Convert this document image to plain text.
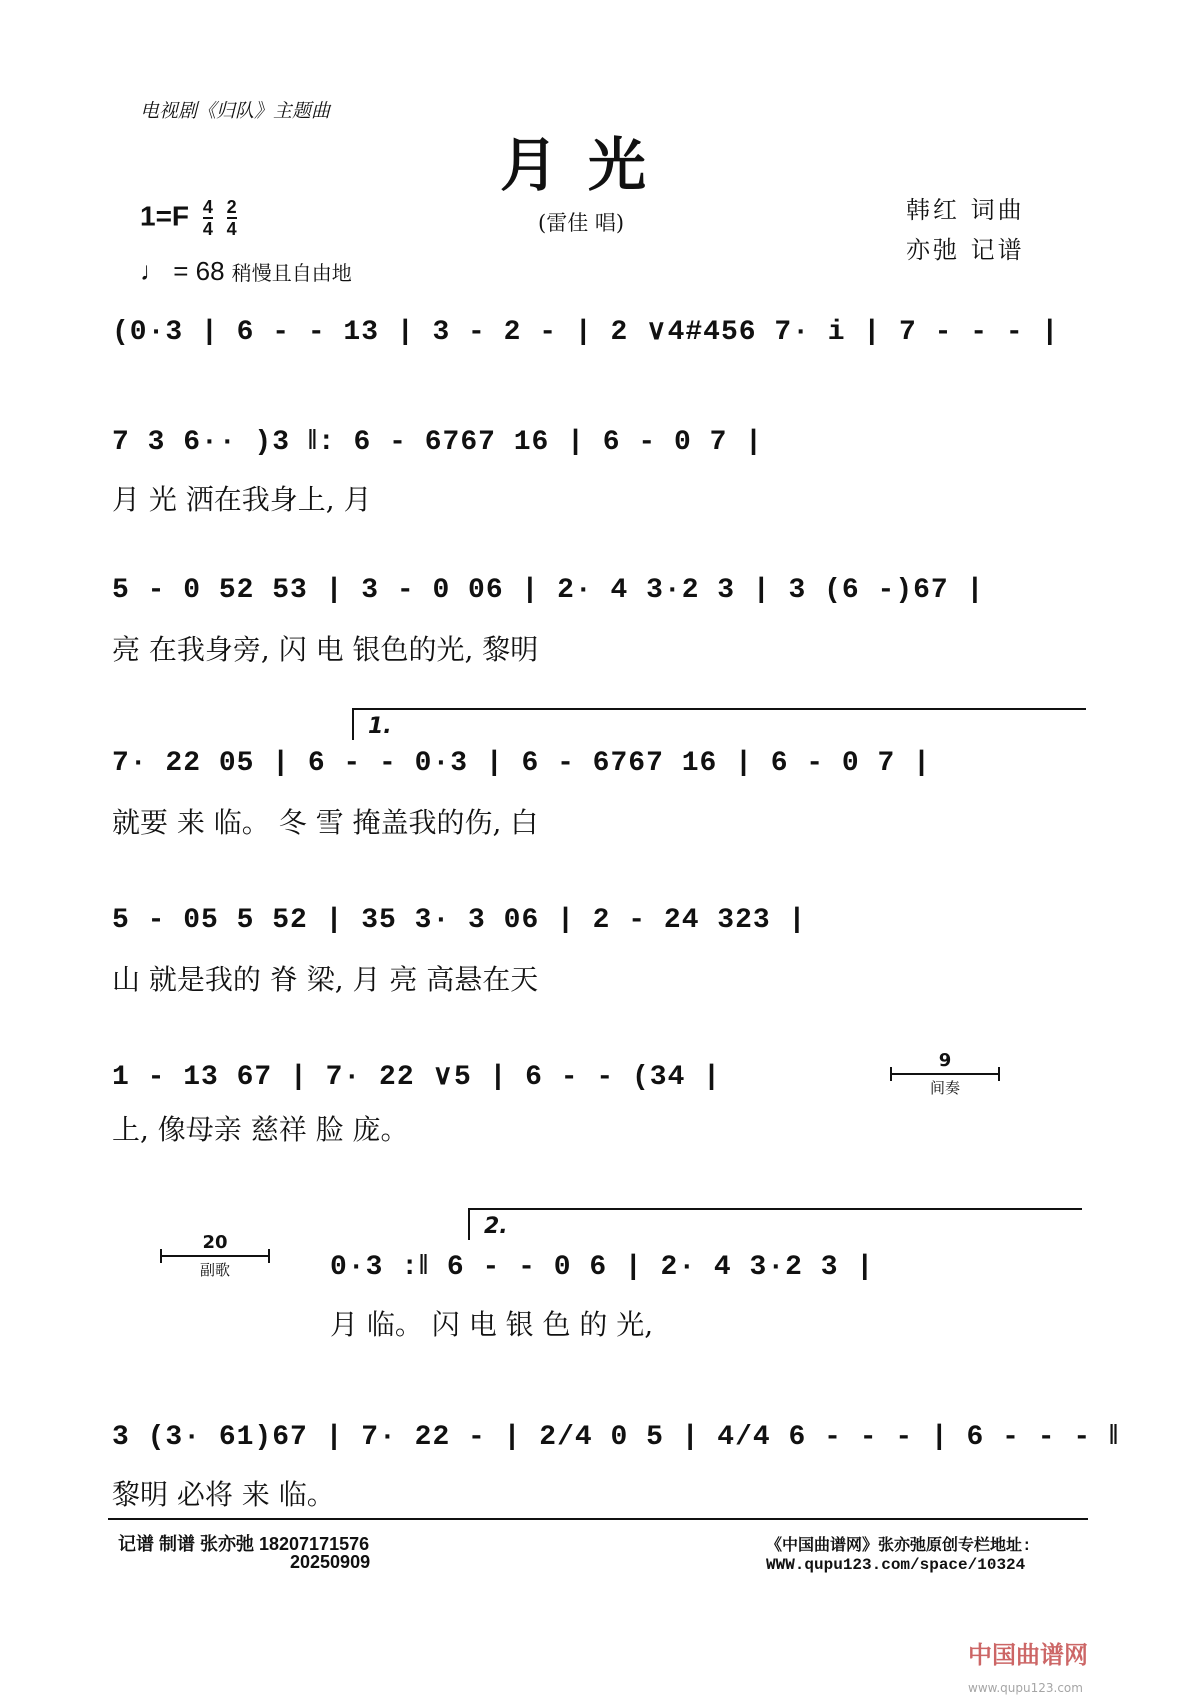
电视剧《归队》主题曲
月光
$1=F \frac{4}{4}$
$\frac{2}{4}$
♩ = 68 稍慢且自由地
(雷佳 唱)	韩红 词曲
亦弛 记谱
(0·3 | 6 - - 13 | 3 - 2 - | 2 ∨4#456 7· i | 7 - - - |
7 3 6·· )3 ‖: 6 - 6767 16 | 6 - 0 7 |
月 光 洒在我身上, 月
5 - 0 52 53 | 3 - 0 06 | 2· 4 3·2 3 | 3 (6 -)67 |
亮 在我身旁, 闪 电 银色的光, 黎明
1.
7· 22 05 | 6 - - 0·3 | 6 - 6767 16 | 6 - 0 7 |
就要 来 临。 冬 雪 掩盖我的伤, 白
5 - 05 5 52 | 35 3· 3 06 | 2 - 24 323 |
山 就是我的 脊 梁, 月 亮 高悬在天
1 - 13 67 | 7· 22 ∨5 | 6 - - (34 |
上, 像母亲 慈祥 脸 庞。
9
间奏
20
副歌
2.
0·3 :‖ 6 - - 0 6 | 2· 4 3·2 3 |
月 临。 闪 电 银 色 的 光,
3 (3· 61)67 | 7· 22 - | 2/4 0 5 | 4/4 6 - - - | 6 - - - ‖
黎明 必将 来 临。
记谱 制谱 张亦弛 18207171576
20250909
《中国曲谱网》张亦弛原创专栏地址:
WWW.qupu123.com/space/10324
中国曲谱网
www.qupu123.com
